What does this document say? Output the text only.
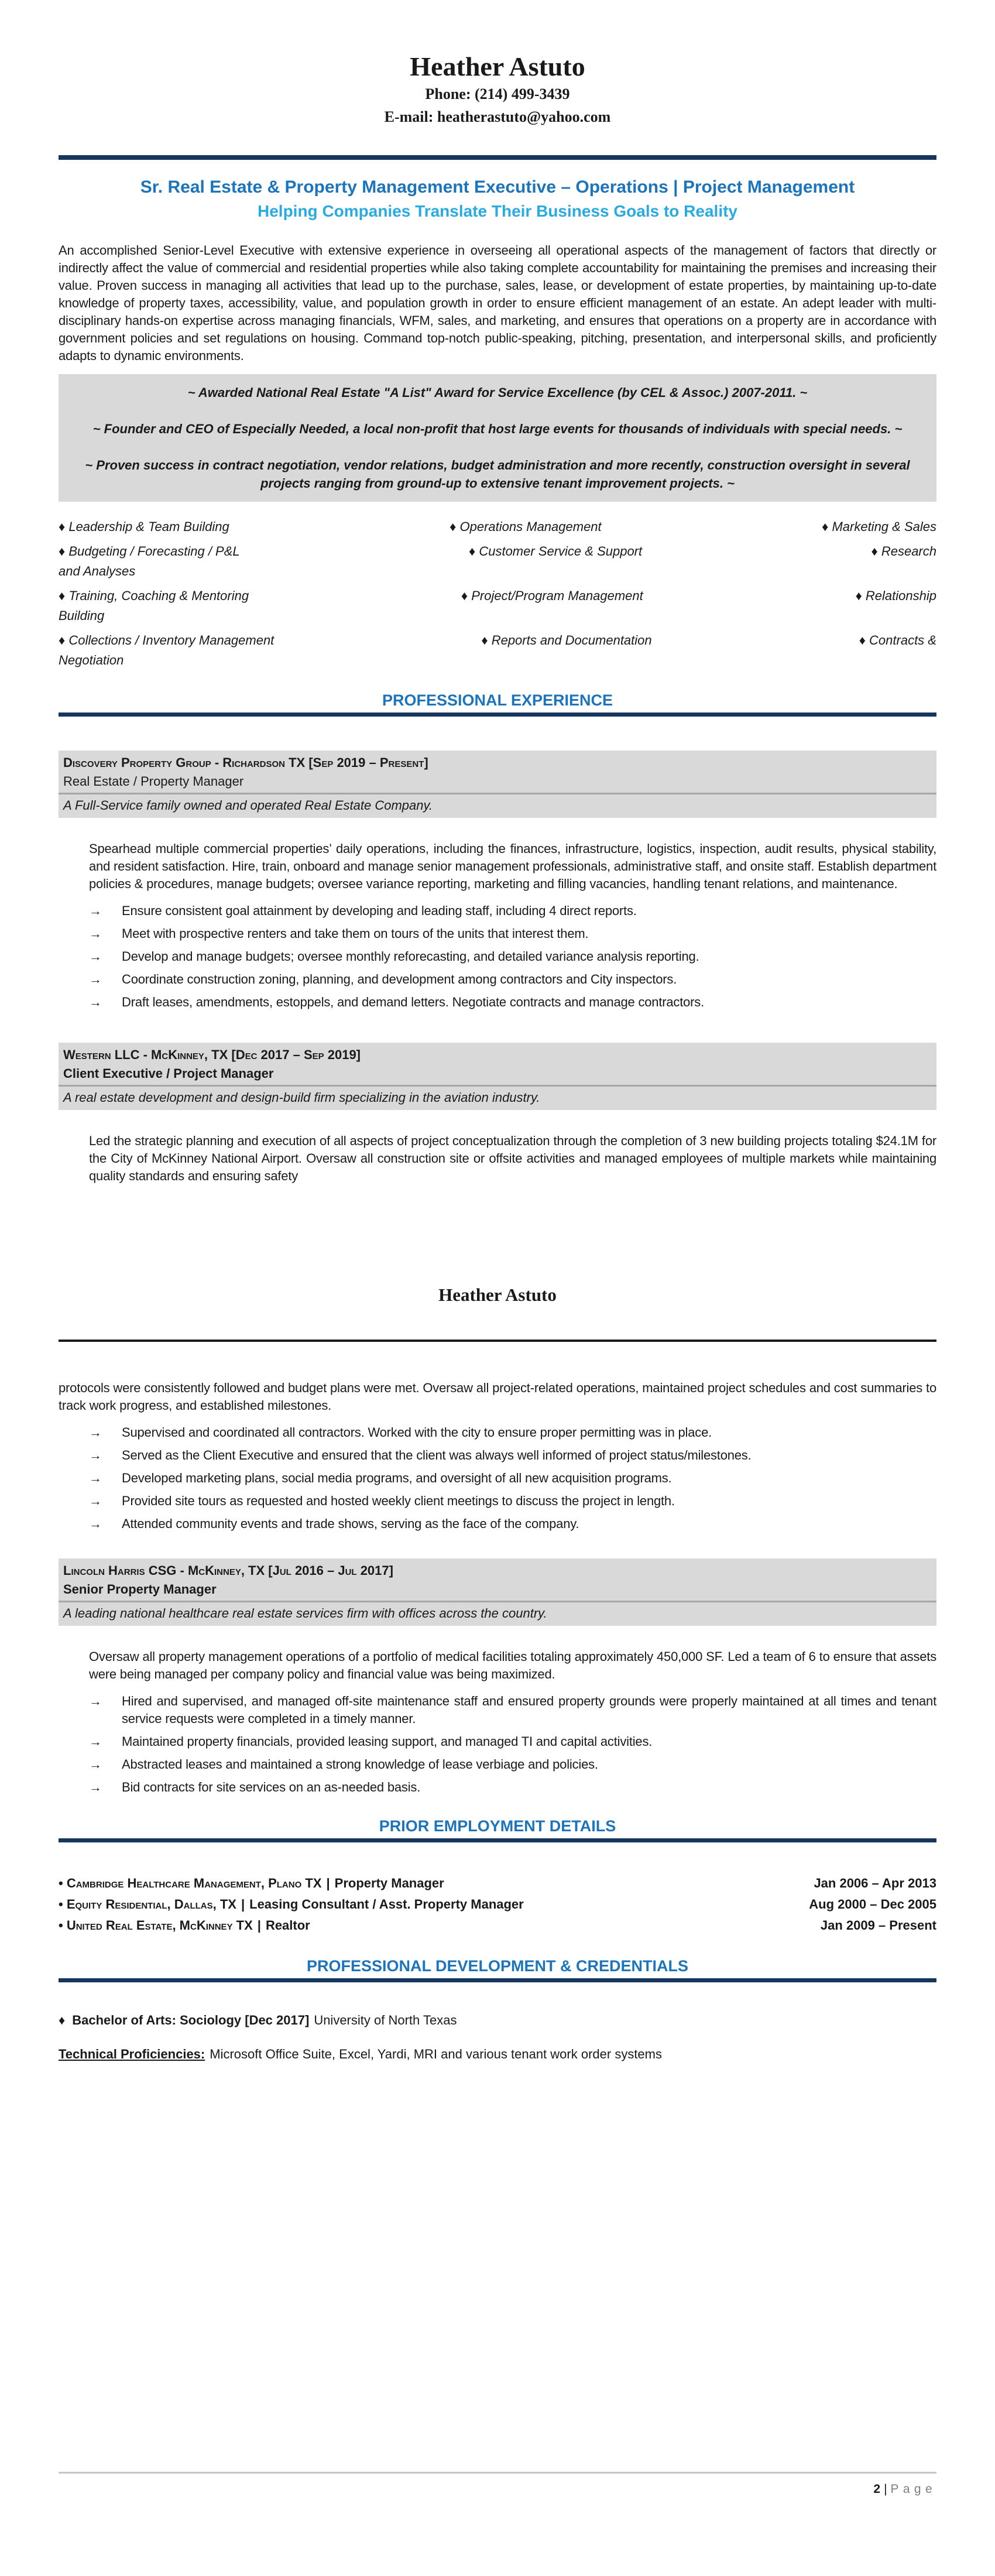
Heather Astuto
Phone: (214) 499-3439
E-mail: heatherastuto@yahoo.com
Sr. Real Estate & Property Management Executive – Operations | Project Management
Helping Companies Translate Their Business Goals to Reality

An accomplished Senior-Level Executive with extensive experience in overseeing all operational aspects of the management of factors that directly or indirectly affect the value of commercial and residential properties while also taking complete accountability for maintaining the premises and increasing their value. Proven success in managing all activities that lead up to the purchase, sales, lease, or development of estate properties, by maintaining up-to-date knowledge of property taxes, accessibility, value, and population growth in order to ensure efficient management of an estate. An adept leader with multi-disciplinary hands-on expertise across managing financials, WFM, sales, and marketing, and ensures that operations on a property are in accordance with government policies and set regulations on housing. Command top-notch public-speaking, pitching, presentation, and interpersonal skills, and proficiently adapts to dynamic environments.

~ Awarded National Real Estate "A List" Award for Service Excellence (by CEL & Assoc.) 2007-2011. ~

~ Founder and CEO of Especially Needed, a local non-profit that host large events for thousands of individuals with special needs. ~

~ Proven success in contract negotiation, vendor relations, budget administration and more recently, construction oversight in several projects ranging from ground-up to extensive tenant improvement projects. ~

♦ Leadership & Team Building	♦ Operations Management	♦ Marketing & Sales
♦ Budgeting / Forecasting / P&L	♦ Customer Service & Support	♦ Research
and Analyses
♦ Training, Coaching & Mentoring	♦ Project/Program Management	♦ Relationship
Building
♦ Collections / Inventory Management	♦ Reports and Documentation	♦ Contracts &
Negotiation
PROFESSIONAL EXPERIENCE
Discovery Property Group - Richardson TX [Sep 2019 – Present]
Real Estate / Property Manager
A Full-Service family owned and operated Real Estate Company.

Spearhead multiple commercial properties’ daily operations, including the finances, infrastructure, logistics, inspection, audit results, physical stability, and resident satisfaction. Hire, train, onboard and manage senior management professionals, administrative staff, and onsite staff. Establish department policies & procedures, manage budgets; oversee variance reporting, marketing and filling vacancies, handling tenant relations, and maintenance.

→	Ensure consistent goal attainment by developing and leading staff, including 4 direct reports.
→	Meet with prospective renters and take them on tours of the units that interest them.
→	Develop and manage budgets; oversee monthly reforecasting, and detailed variance analysis reporting.
→	Coordinate construction zoning, planning, and development among contractors and City inspectors.
→	Draft leases, amendments, estoppels, and demand letters. Negotiate contracts and manage contractors.
Western LLC - McKinney, TX [Dec 2017 – Sep 2019]
Client Executive / Project Manager
A real estate development and design-build firm specializing in the aviation industry.

Led the strategic planning and execution of all aspects of project conceptualization through the completion of 3 new building projects totaling $24.1M for the City of McKinney National Airport. Oversaw all construction site or offsite activities and managed employees of multiple markets while maintaining quality standards and ensuring safety

Heather Astuto

protocols were consistently followed and budget plans were met. Oversaw all project-related operations, maintained project schedules and cost summaries to track work progress, and established milestones.

→	Supervised and coordinated all contractors. Worked with the city to ensure proper permitting was in place.
→	Served as the Client Executive and ensured that the client was always well informed of project status/milestones.
→	Developed marketing plans, social media programs, and oversight of all new acquisition programs.
→	Provided site tours as requested and hosted weekly client meetings to discuss the project in length.
→	Attended community events and trade shows, serving as the face of the company.
Lincoln Harris CSG - McKinney, TX [Jul 2016 – Jul 2017]
Senior Property Manager
A leading national healthcare real estate services firm with offices across the country.

Oversaw all property management operations of a portfolio of medical facilities totaling approximately 450,000 SF. Led a team of 6 to ensure that assets were being managed per company policy and financial value was being maximized.

→	Hired and supervised, and managed off-site maintenance staff and ensured property grounds were properly maintained at all times and tenant service requests were completed in a timely manner.
→	Maintained property financials, provided leasing support, and managed TI and capital activities.
→	Abstracted leases and maintained a strong knowledge of lease verbiage and policies.
→	Bid contracts for site services on an as-needed basis.
PRIOR EMPLOYMENT DETAILS
• Cambridge Healthcare Management, Plano TX | Property Manager	Jan 2006 – Apr 2013
• Equity Residential, Dallas, TX | Leasing Consultant / Asst. Property Manager	Aug 2000 – Dec 2005
• United Real Estate, McKinney TX | Realtor	Jan 2009 – Present
PROFESSIONAL DEVELOPMENT & CREDENTIALS
♦ Bachelor of Arts: Sociology [Dec 2017] University of North Texas
Technical Proficiencies: Microsoft Office Suite, Excel, Yardi, MRI and various tenant work order systems
2 | Page
